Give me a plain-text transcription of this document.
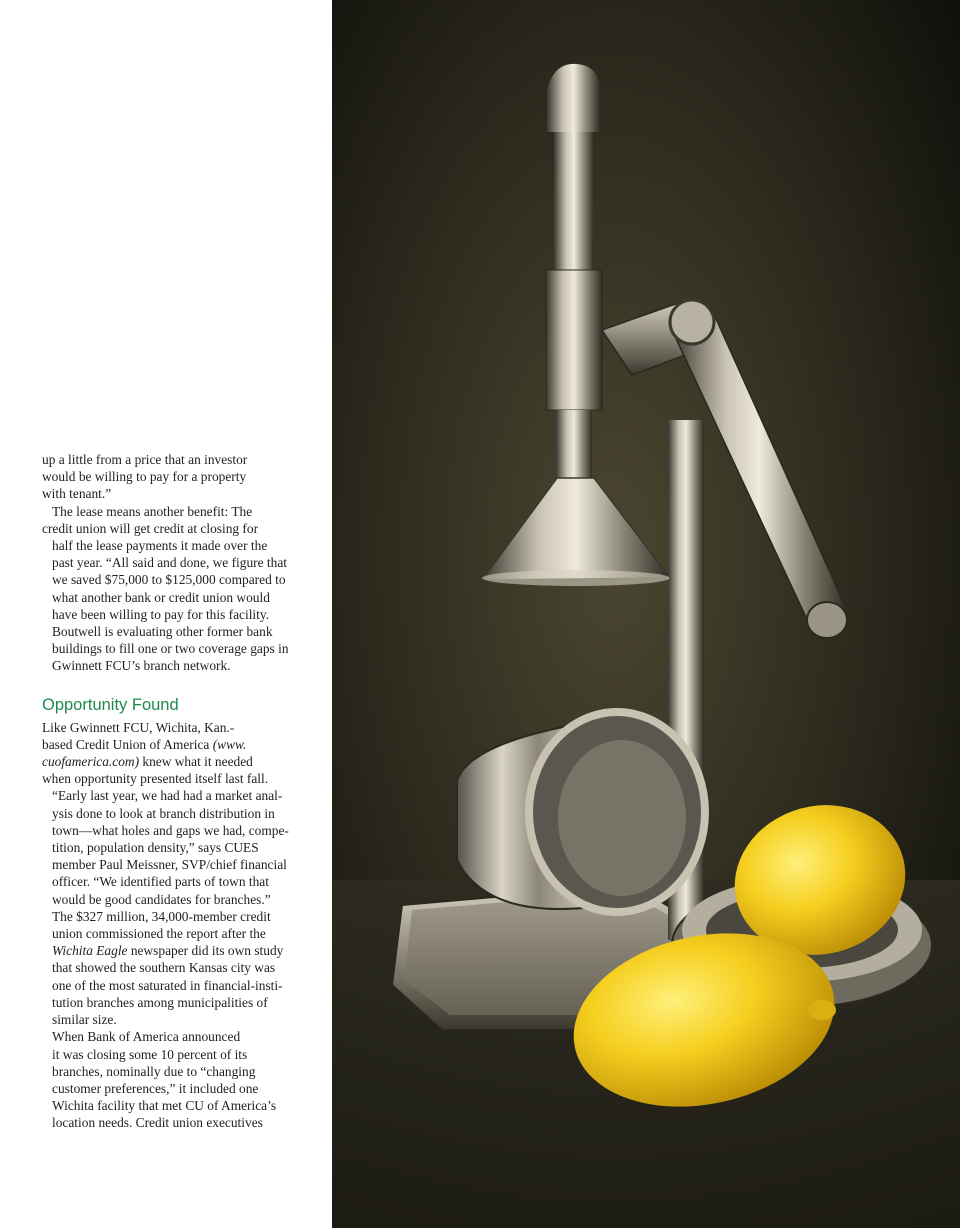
up a little from a price that an investor
would be willing to pay for a property
with tenant.”

The lease means another benefit: The
credit union will get credit at closing for
half the lease payments it made over the
past year. “All said and done, we figure that
we saved $75,000 to $125,000 compared to
what another bank or credit union would
have been willing to pay for this facility.

Boutwell is evaluating other former bank
buildings to fill one or two coverage gaps in
Gwinnett FCU’s branch network.

Opportunity Found

Like Gwinnett FCU, Wichita, Kan.-
based Credit Union of America (www.
cuofamerica.com) knew what it needed
when opportunity presented itself last fall.

“Early last year, we had had a market anal-
ysis done to look at branch distribution in
town—what holes and gaps we had, compe-
tition, population density,” says CUES
member Paul Meissner, SVP/chief financial
officer. “We identified parts of town that
would be good candidates for branches.”

The $327 million, 34,000-member credit
union commissioned the report after the
Wichita Eagle newspaper did its own study
that showed the southern Kansas city was
one of the most saturated in financial-insti-
tution branches among municipalities of
similar size.

When Bank of America announced
it was closing some 10 percent of its
branches, nominally due to “changing
customer preferences,” it included one
Wichita facility that met CU of America’s
location needs. Credit union executives
